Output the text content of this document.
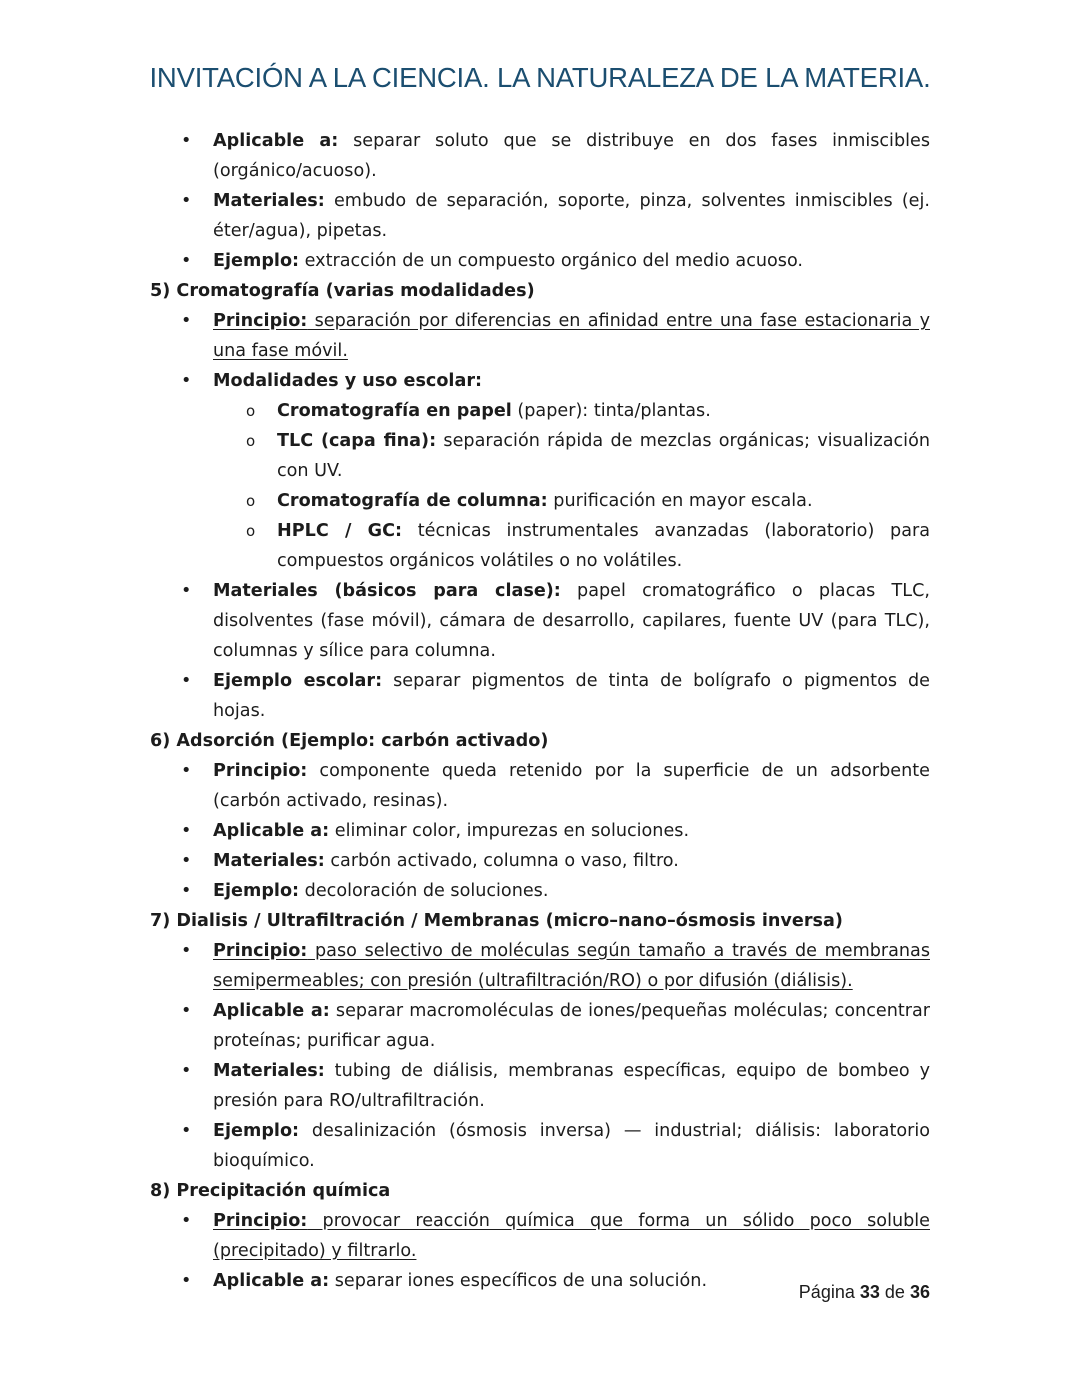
INVITACIÓN A LA CIENCIA. LA NATURALEZA DE LA MATERIA.
• Aplicable a: separar soluto que se distribuye en dos fases inmiscibles (orgánico/acuoso).
• Materiales: embudo de separación, soporte, pinza, solventes inmiscibles (ej. éter/agua), pipetas.
• Ejemplo: extracción de un compuesto orgánico del medio acuoso.
5) Cromatografía (varias modalidades)
• Principio: separación por diferencias en afinidad entre una fase estacionaria y una fase móvil.
• Modalidades y uso escolar:
o Cromatografía en papel (paper): tinta/plantas.
o TLC (capa fina): separación rápida de mezclas orgánicas; visualización con UV.
o Cromatografía de columna: purificación en mayor escala.
o HPLC / GC: técnicas instrumentales avanzadas (laboratorio) para compuestos orgánicos volátiles o no volátiles.
• Materiales (básicos para clase): papel cromatográfico o placas TLC, disolventes (fase móvil), cámara de desarrollo, capilares, fuente UV (para TLC), columnas y sílice para columna.
• Ejemplo escolar: separar pigmentos de tinta de bolígrafo o pigmentos de hojas.
6) Adsorción (Ejemplo: carbón activado)
• Principio: componente queda retenido por la superficie de un adsorbente (carbón activado, resinas).
• Aplicable a: eliminar color, impurezas en soluciones.
• Materiales: carbón activado, columna o vaso, filtro.
• Ejemplo: decoloración de soluciones.
7) Dialisis / Ultrafiltración / Membranas (micro–nano–ósmosis inversa)
• Principio: paso selectivo de moléculas según tamaño a través de membranas semipermeables; con presión (ultrafiltración/RO) o por difusión (diálisis).
• Aplicable a: separar macromoléculas de iones/pequeñas moléculas; concentrar proteínas; purificar agua.
• Materiales: tubing de diálisis, membranas específicas, equipo de bombeo y presión para RO/ultrafiltración.
• Ejemplo: desalinización (ósmosis inversa) — industrial; diálisis: laboratorio bioquímico.
8) Precipitación química
• Principio: provocar reacción química que forma un sólido poco soluble (precipitado) y filtrarlo.
• Aplicable a: separar iones específicos de una solución.
Página 33 de 36
